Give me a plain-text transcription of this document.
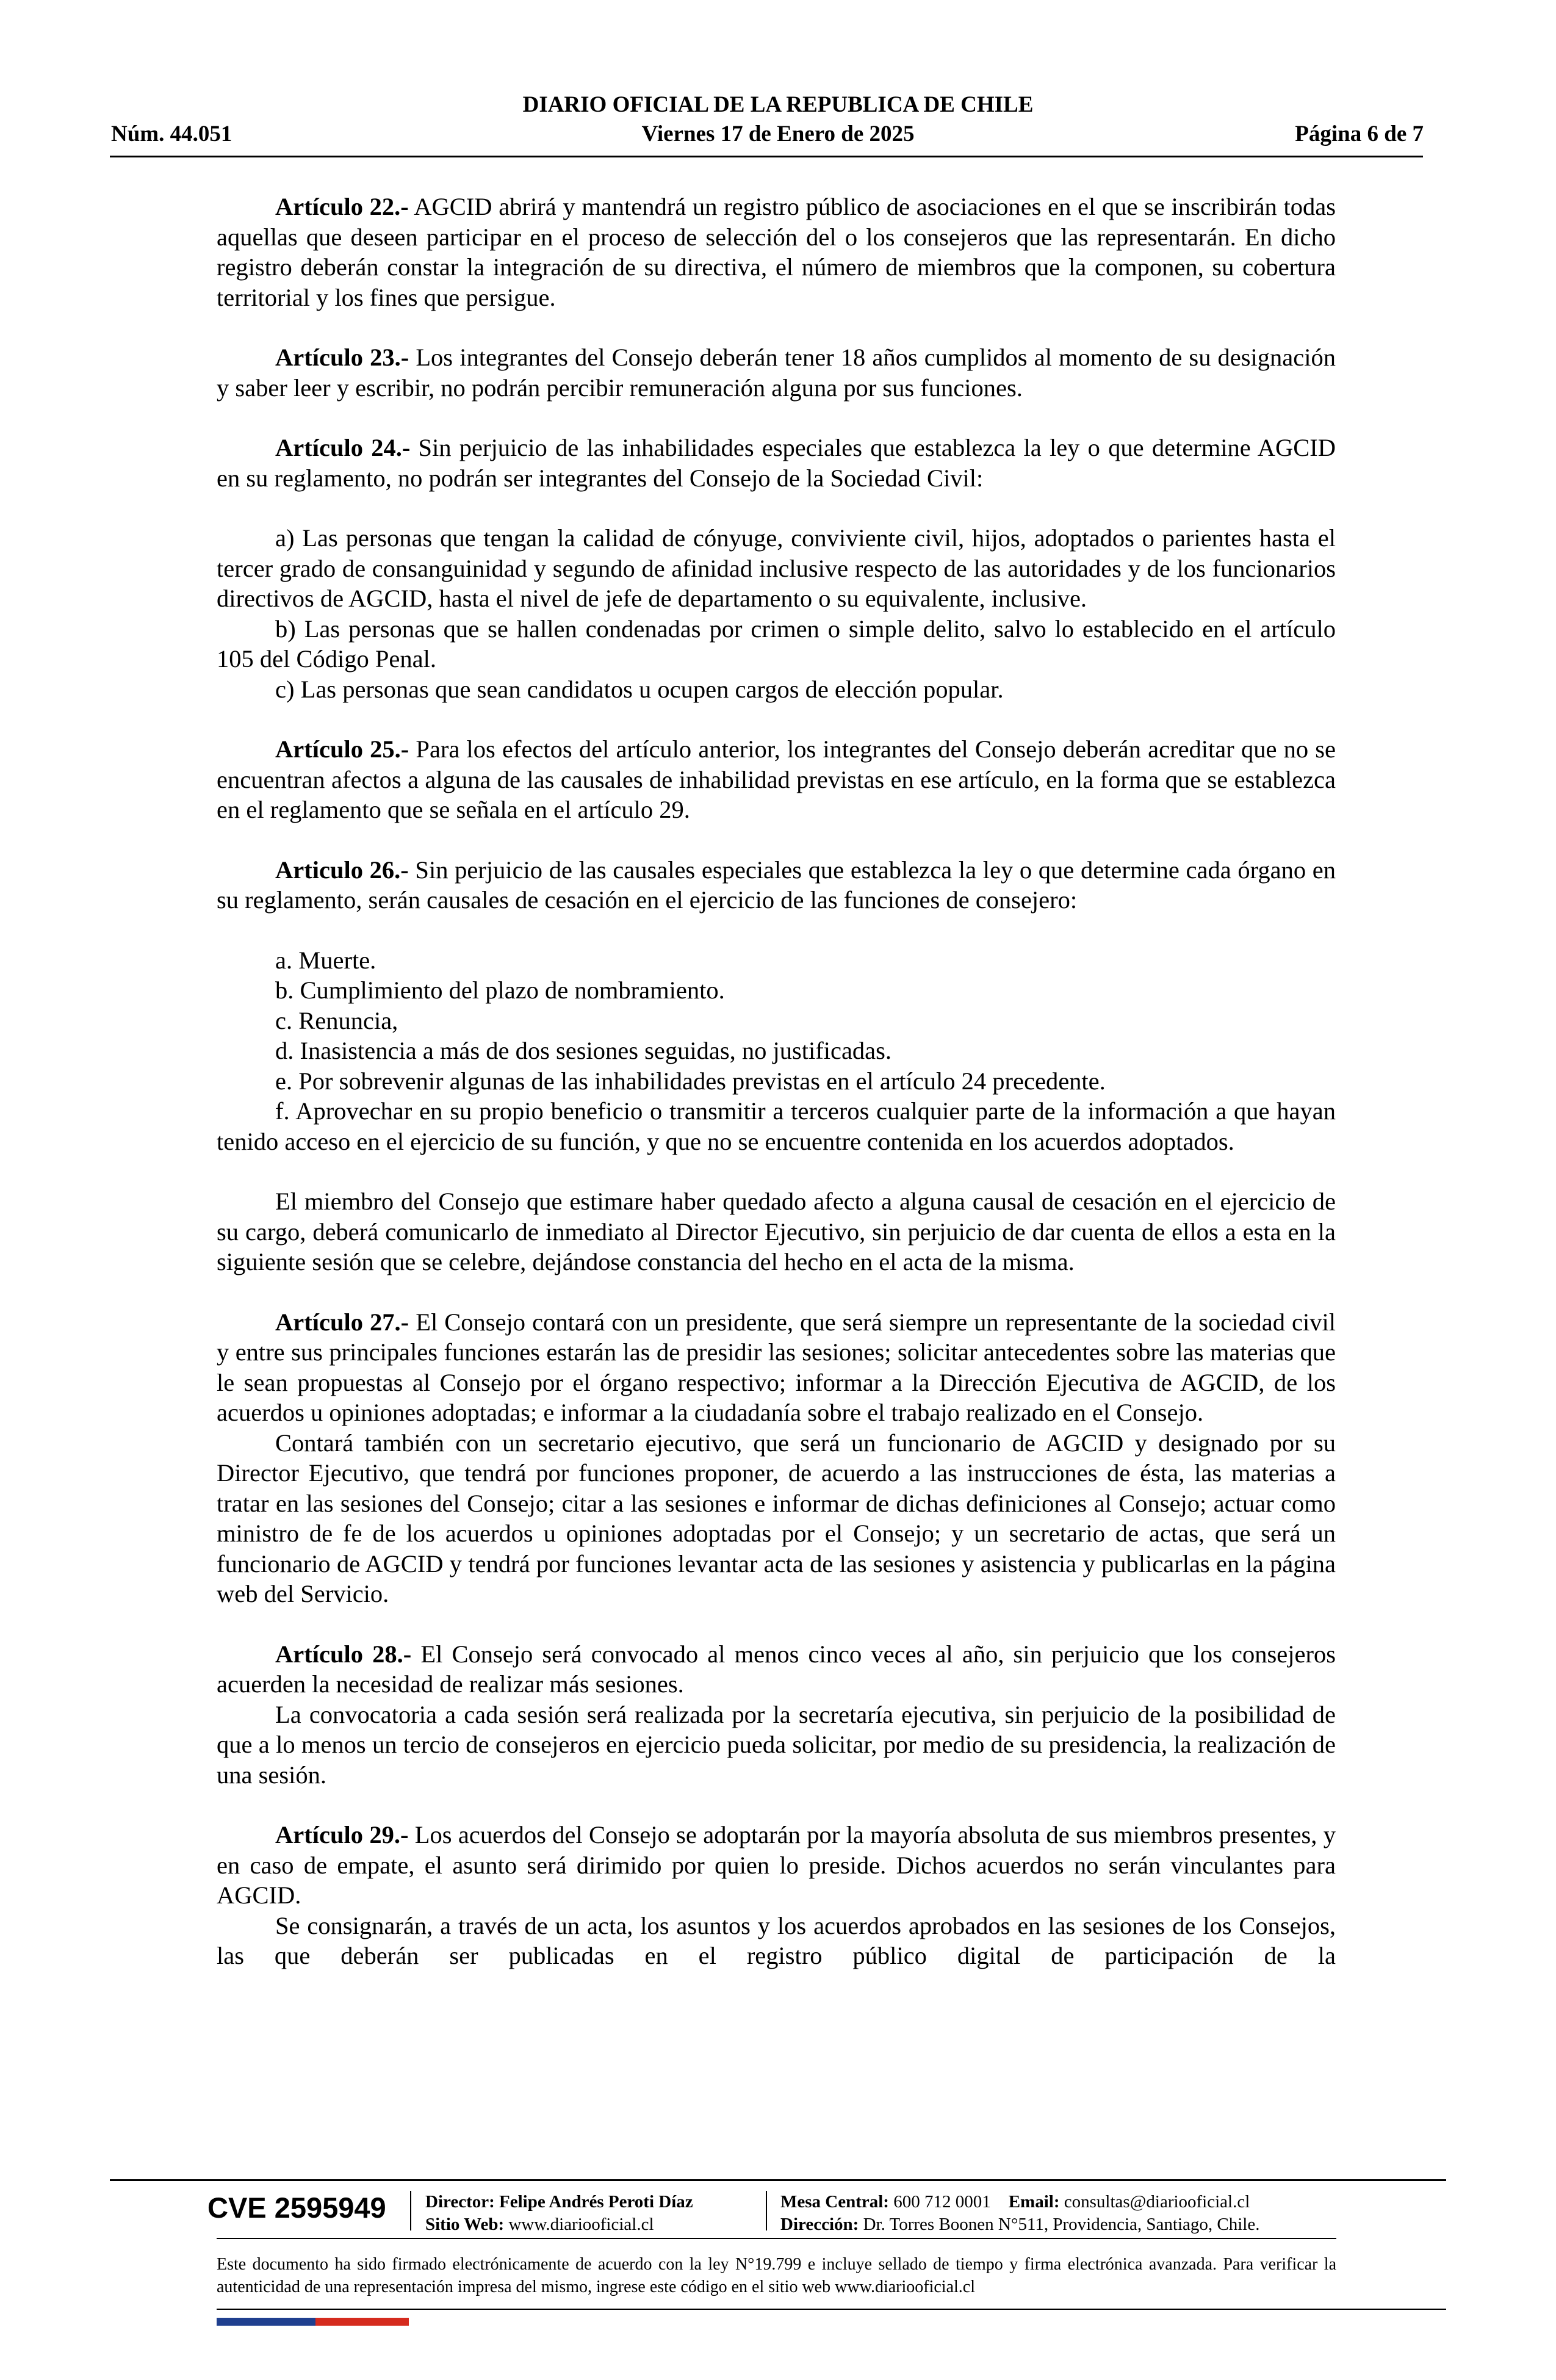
DIARIO OFICIAL DE LA REPUBLICA DE CHILE
Núm. 44.051	Viernes 17 de Enero de 2025	Página 6 de 7

Artículo 22.- AGCID abrirá y mantendrá un registro público de asociaciones en el que se inscribirán todas aquellas que deseen participar en el proceso de selección del o los consejeros que las representarán. En dicho registro deberán constar la integración de su directiva, el número de miembros que la componen, su cobertura territorial y los fines que persigue.

Artículo 23.- Los integrantes del Consejo deberán tener 18 años cumplidos al momento de su designación y saber leer y escribir, no podrán percibir remuneración alguna por sus funciones.

Artículo 24.- Sin perjuicio de las inhabilidades especiales que establezca la ley o que determine AGCID en su reglamento, no podrán ser integrantes del Consejo de la Sociedad Civil:

a) Las personas que tengan la calidad de cónyuge, conviviente civil, hijos, adoptados o parientes hasta el tercer grado de consanguinidad y segundo de afinidad inclusive respecto de las autoridades y de los funcionarios directivos de AGCID, hasta el nivel de jefe de departamento o su equivalente, inclusive.

b) Las personas que se hallen condenadas por crimen o simple delito, salvo lo establecido en el artículo 105 del Código Penal.

c) Las personas que sean candidatos u ocupen cargos de elección popular.

Artículo 25.- Para los efectos del artículo anterior, los integrantes del Consejo deberán acreditar que no se encuentran afectos a alguna de las causales de inhabilidad previstas en ese artículo, en la forma que se establezca en el reglamento que se señala en el artículo 29.

Articulo 26.- Sin perjuicio de las causales especiales que establezca la ley o que determine cada órgano en su reglamento, serán causales de cesación en el ejercicio de las funciones de consejero:

a. Muerte.

b. Cumplimiento del plazo de nombramiento.

c. Renuncia,

d. Inasistencia a más de dos sesiones seguidas, no justificadas.

e. Por sobrevenir algunas de las inhabilidades previstas en el artículo 24 precedente.

f. Aprovechar en su propio beneficio o transmitir a terceros cualquier parte de la información a que hayan tenido acceso en el ejercicio de su función, y que no se encuentre contenida en los acuerdos adoptados.

El miembro del Consejo que estimare haber quedado afecto a alguna causal de cesación en el ejercicio de su cargo, deberá comunicarlo de inmediato al Director Ejecutivo, sin perjuicio de dar cuenta de ellos a esta en la siguiente sesión que se celebre, dejándose constancia del hecho en el acta de la misma.

Artículo 27.- El Consejo contará con un presidente, que será siempre un representante de la sociedad civil y entre sus principales funciones estarán las de presidir las sesiones; solicitar antecedentes sobre las materias que le sean propuestas al Consejo por el órgano respectivo; informar a la Dirección Ejecutiva de AGCID, de los acuerdos u opiniones adoptadas; e informar a la ciudadanía sobre el trabajo realizado en el Consejo.

Contará también con un secretario ejecutivo, que será un funcionario de AGCID y designado por su Director Ejecutivo, que tendrá por funciones proponer, de acuerdo a las instrucciones de ésta, las materias a tratar en las sesiones del Consejo; citar a las sesiones e informar de dichas definiciones al Consejo; actuar como ministro de fe de los acuerdos u opiniones adoptadas por el Consejo; y un secretario de actas, que será un funcionario de AGCID y tendrá por funciones levantar acta de las sesiones y asistencia y publicarlas en la página web del Servicio.

Artículo 28.- El Consejo será convocado al menos cinco veces al año, sin perjuicio que los consejeros acuerden la necesidad de realizar más sesiones.

La convocatoria a cada sesión será realizada por la secretaría ejecutiva, sin perjuicio de la posibilidad de que a lo menos un tercio de consejeros en ejercicio pueda solicitar, por medio de su presidencia, la realización de una sesión.

Artículo 29.- Los acuerdos del Consejo se adoptarán por la mayoría absoluta de sus miembros presentes, y en caso de empate, el asunto será dirimido por quien lo preside. Dichos acuerdos no serán vinculantes para AGCID.

Se consignarán, a través de un acta, los asuntos y los acuerdos aprobados en las sesiones de los Consejos, las que deberán ser publicadas en el registro público digital de participación de la

CVE 2595949 Director: Felipe Andrés Peroti Díaz
Sitio Web: www.diariooficial.cl
Mesa Central: 600 712 0001 Email: consultas@diariooficial.cl
Dirección: Dr. Torres Boonen N°511, Providencia, Santiago, Chile.
Este documento ha sido firmado electrónicamente de acuerdo con la ley N°19.799 e incluye sellado de tiempo y firma electrónica avanzada. Para verificar la autenticidad de una representación impresa del mismo, ingrese este código en el sitio web www.diariooficial.cl
